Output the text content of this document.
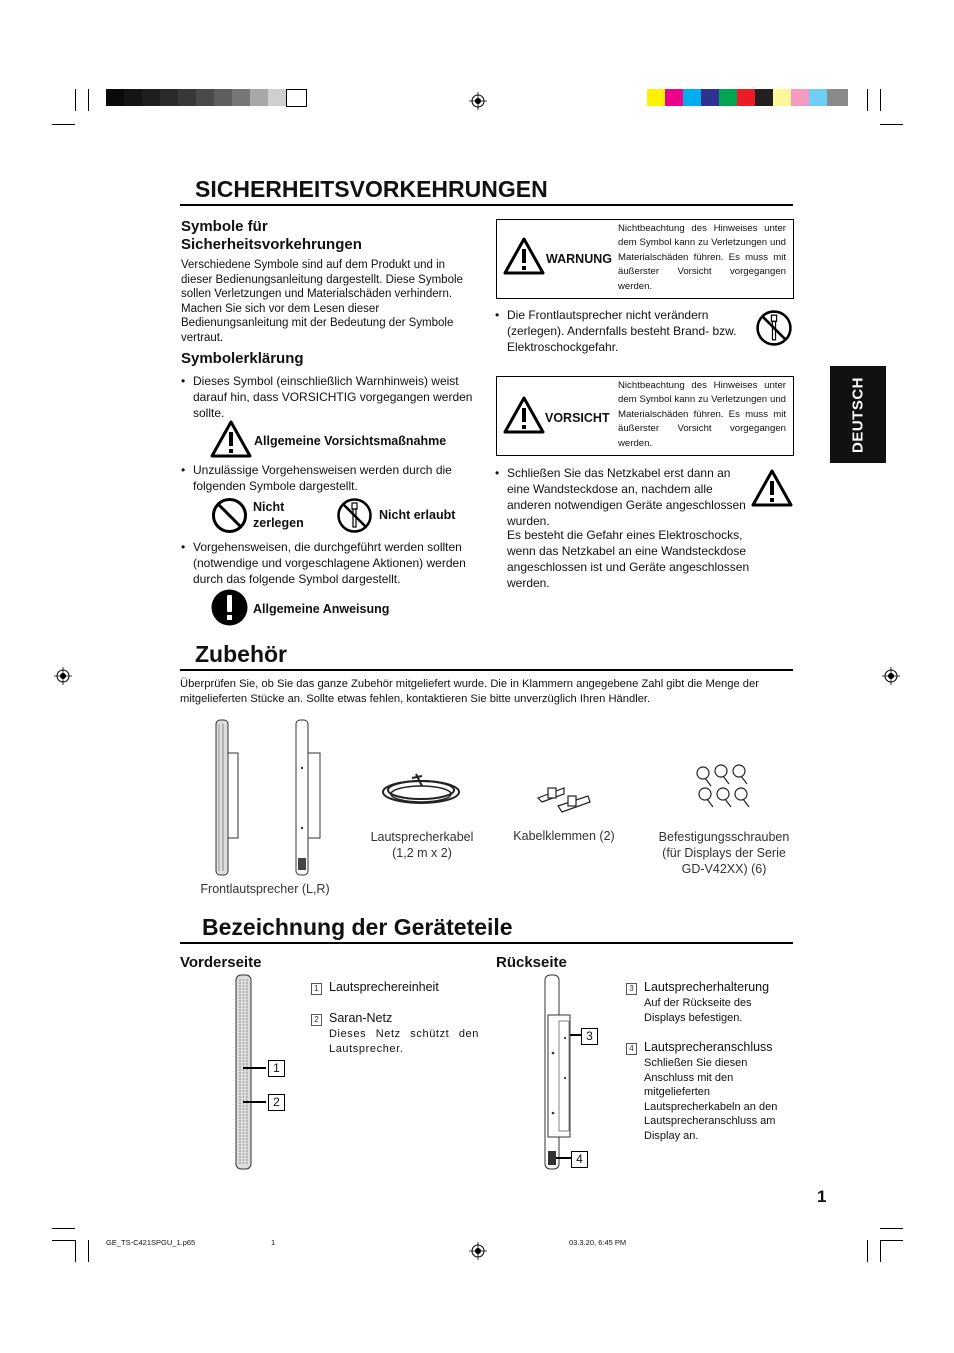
DEUTSCH
SICHERHEITSVORKEHRUNGEN
Symbole für
Sicherheitsvorkehrungen
Verschiedene Symbole sind auf dem Produkt und in dieser Bedienungsanleitung dargestellt. Diese Symbole sollen Verletzungen und Materialschäden verhindern. Machen Sie sich vor dem Lesen dieser Bedienungsanleitung mit der Bedeutung der Symbole vertraut.
Symbolerklärung
• Dieses Symbol (einschließlich Warnhinweis) weist darauf hin, dass VORSICHTIG vorgegangen werden sollte.
Allgemeine Vorsichtsmaßnahme
• Unzulässige Vorgehensweisen werden durch die folgenden Symbole dargestellt.
Nicht
zerlegen
Nicht erlaubt
• Vorgehensweisen, die durchgeführt werden sollten (notwendige und vorgeschlagene Aktionen) werden durch das folgende Symbol dargestellt.
Allgemeine Anweisung
WARNUNG
Nichtbeachtung des Hinweises unter dem Symbol kann zu Verletzungen und Materialschäden führen. Es muss mit äußerster Vorsicht vorgegangen werden.
• Die Frontlautsprecher nicht verändern (zerlegen). Andernfalls besteht Brand- bzw. Elektroschockgefahr.
VORSICHT
Nichtbeachtung des Hinweises unter dem Symbol kann zu Verletzungen und Materialschäden führen. Es muss mit äußerster Vorsicht vorgegangen werden.
• Schließen Sie das Netzkabel erst dann an eine Wandsteckdose an, nachdem alle anderen notwendigen Geräte angeschlossen wurden.
Es besteht die Gefahr eines Elektroschocks, wenn das Netzkabel an eine Wandsteckdose angeschlossen ist und Geräte angeschlossen werden.
Zubehör
Überprüfen Sie, ob Sie das ganze Zubehör mitgeliefert wurde. Die in Klammern angegebene Zahl gibt die Menge der mitgelieferten Stücke an. Sollte etwas fehlen, kontaktieren Sie bitte unverzüglich Ihren Händler.
Frontlautsprecher (L,R)
Lautsprecherkabel
(1,2 m x 2)
Kabelklemmen (2)	Befestigungsschrauben
(für Displays der Serie
GD-V42XX) (6)
Bezeichnung der Geräteteile
Vorderseite	Rückseite
1
2
3
4
1 Lautsprechereinheit
2 Saran-Netz
Dieses Netz schützt den Lautsprecher.
3 Lautsprecherhalterung
Auf der Rückseite des Displays befestigen.
4 Lautsprecheranschluss
Schließen Sie diesen Anschluss mit den mitgelieferten Lautsprecherkabeln an den Lautsprecheranschluss am Display an.
1
GE_TS-C421SPGU_1.p65	1	03.3.20, 6:45 PM
